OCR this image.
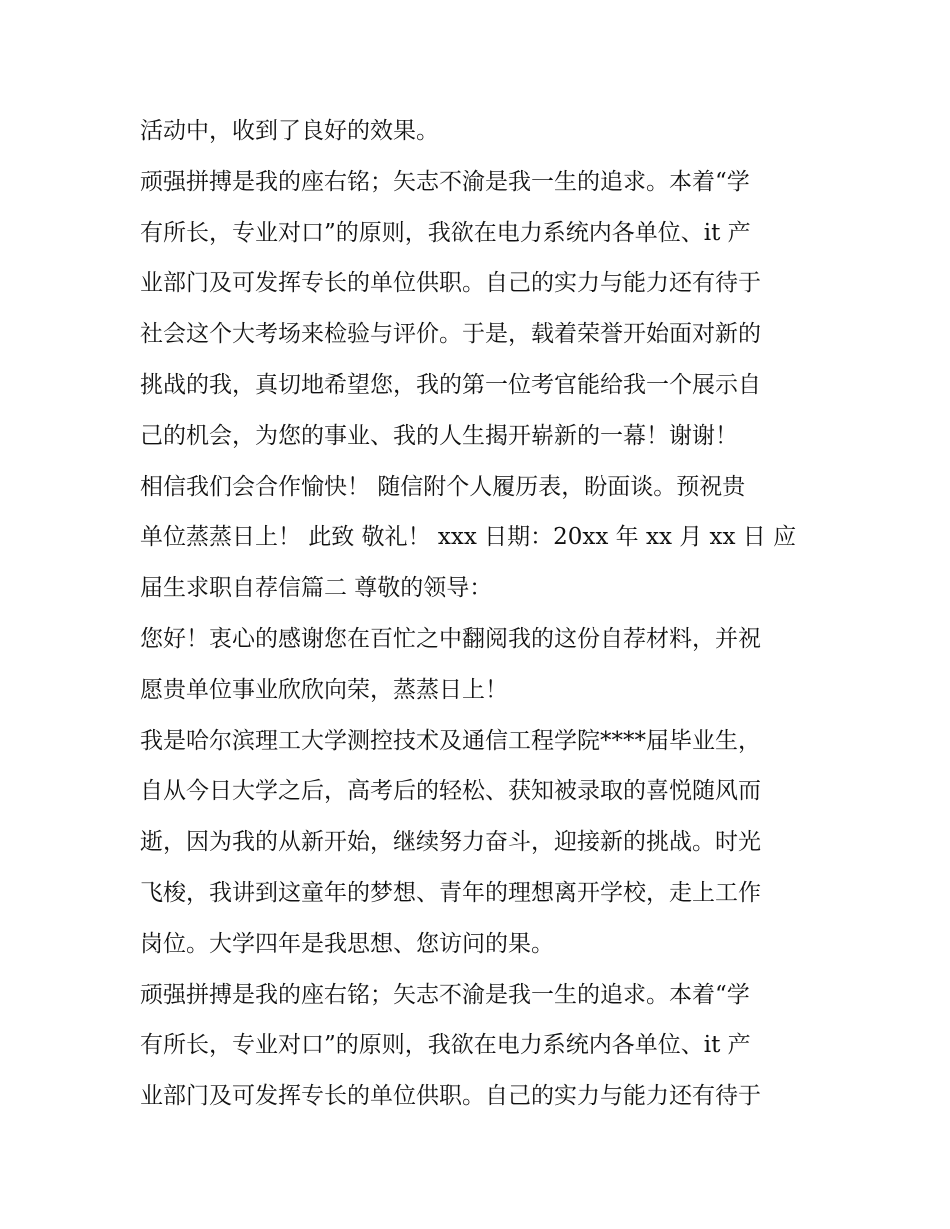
活动中，收到了良好的效果。
顽强拼搏是我的座右铭；矢志不渝是我一生的追求。本着“学
有所长，专业对口”的原则，我欲在电力系统内各单位、it 产
业部门及可发挥专长的单位供职。自己的实力与能力还有待于
社会这个大考场来检验与评价。于是，载着荣誉开始面对新的
挑战的我，真切地希望您，我的第一位考官能给我一个展示自
己的机会，为您的事业、我的人生揭开崭新的一幕！谢谢！
相信我们会合作愉快！ 随信附个人履历表，盼面谈。预祝贵
单位蒸蒸日上！ 此致 敬礼！ xxx 日期：20xx 年 xx 月 xx 日 应
届生求职自荐信篇二 尊敬的领导：
您好！衷心的感谢您在百忙之中翻阅我的这份自荐材料，并祝
愿贵单位事业欣欣向荣，蒸蒸日上！
我是哈尔滨理工大学测控技术及通信工程学院****届毕业生，
自从今日大学之后，高考后的轻松、获知被录取的喜悦随风而
逝，因为我的从新开始，继续努力奋斗，迎接新的挑战。时光
飞梭，我讲到这童年的梦想、青年的理想离开学校，走上工作
岗位。大学四年是我思想、您访问的果。
顽强拼搏是我的座右铭；矢志不渝是我一生的追求。本着“学
有所长，专业对口”的原则，我欲在电力系统内各单位、it 产
业部门及可发挥专长的单位供职。自己的实力与能力还有待于
